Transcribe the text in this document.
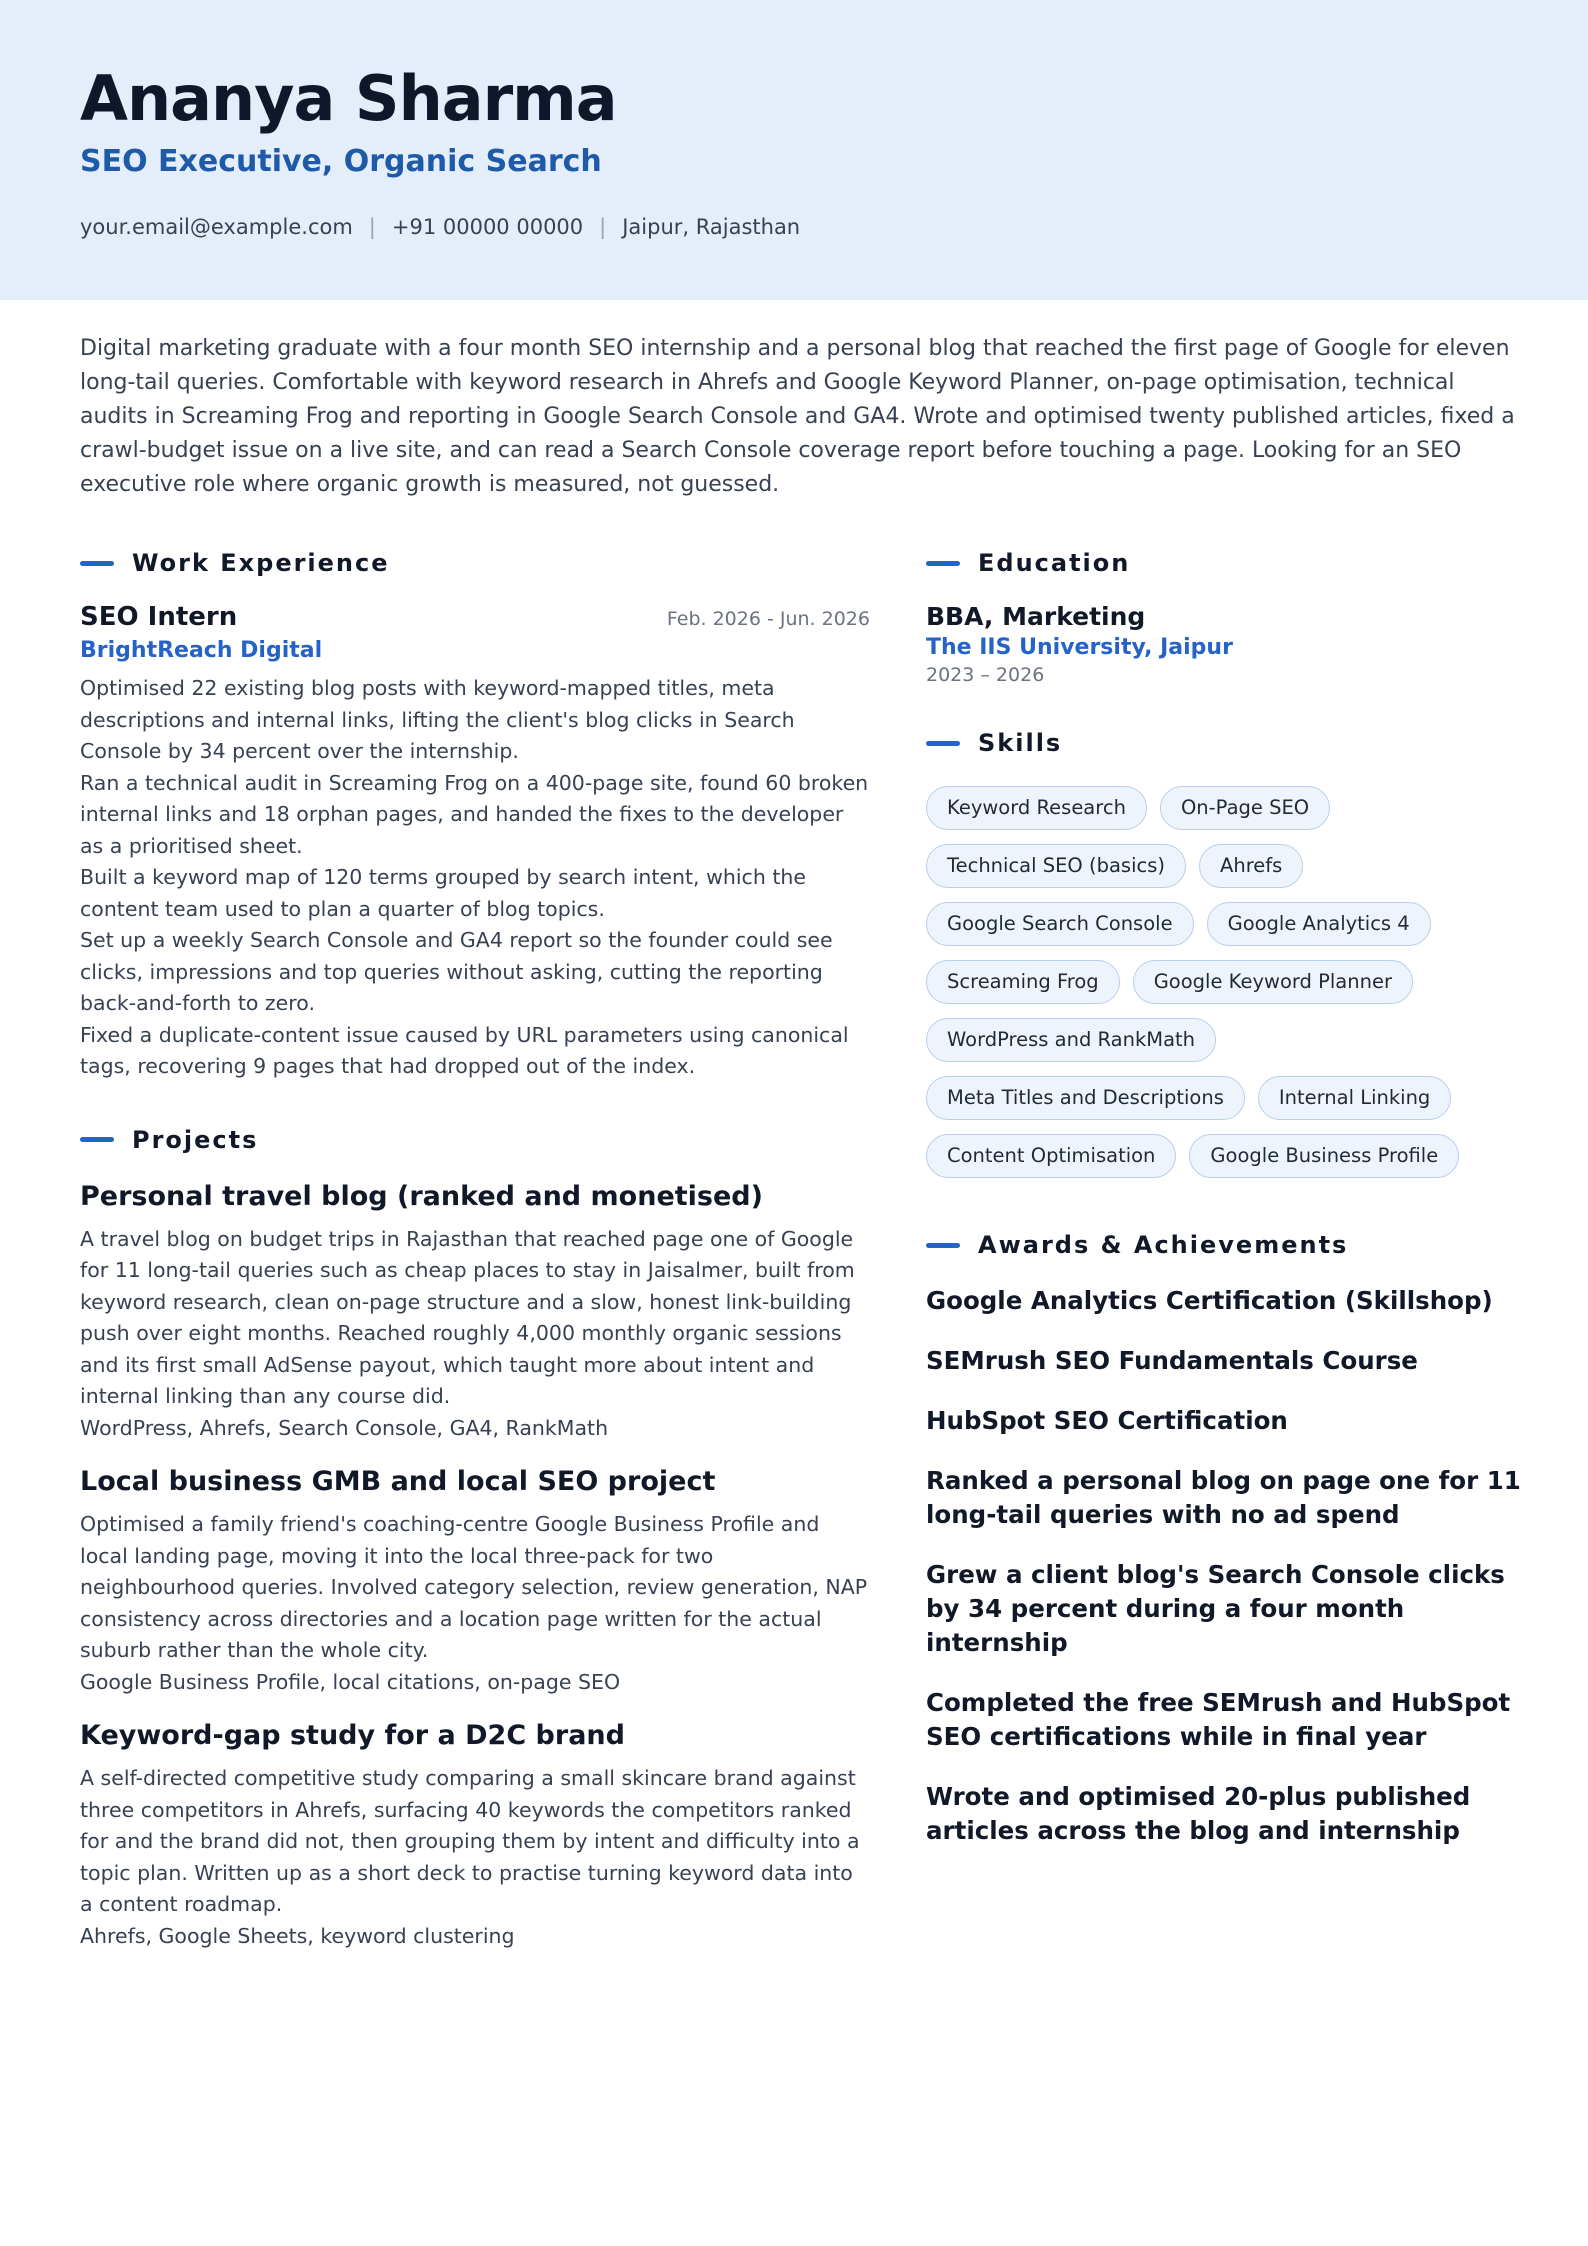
Ananya Sharma
SEO Executive, Organic Search
your.email@example.com | +91 00000 00000 | Jaipur, Rajasthan

Digital marketing graduate with a four month SEO internship and a personal blog that reached the first page of Google for eleven long-tail queries. Comfortable with keyword research in Ahrefs and Google Keyword Planner, on-page optimisation, technical audits in Screaming Frog and reporting in Google Search Console and GA4. Wrote and optimised twenty published articles, fixed a crawl-budget issue on a live site, and can read a Search Console coverage report before touching a page. Looking for an SEO executive role where organic growth is measured, not guessed.

Work Experience
SEO Intern	Feb. 2026 - Jun. 2026
BrightReach Digital

Optimised 22 existing blog posts with keyword-mapped titles, meta descriptions and internal links, lifting the client's blog clicks in Search Console by 34 percent over the internship.

Ran a technical audit in Screaming Frog on a 400-page site, found 60 broken internal links and 18 orphan pages, and handed the fixes to the developer as a prioritised sheet.

Built a keyword map of 120 terms grouped by search intent, which the content team used to plan a quarter of blog topics.

Set up a weekly Search Console and GA4 report so the founder could see clicks, impressions and top queries without asking, cutting the reporting back-and-forth to zero.

Fixed a duplicate-content issue caused by URL parameters using canonical tags, recovering 9 pages that had dropped out of the index.

Projects
Personal travel blog (ranked and monetised)

A travel blog on budget trips in Rajasthan that reached page one of Google for 11 long-tail queries such as cheap places to stay in Jaisalmer, built from keyword research, clean on-page structure and a slow, honest link-building push over eight months. Reached roughly 4,000 monthly organic sessions and its first small AdSense payout, which taught more about intent and internal linking than any course did.

WordPress, Ahrefs, Search Console, GA4, RankMath

Local business GMB and local SEO project

Optimised a family friend's coaching-centre Google Business Profile and local landing page, moving it into the local three-pack for two neighbourhood queries. Involved category selection, review generation, NAP consistency across directories and a location page written for the actual suburb rather than the whole city.

Google Business Profile, local citations, on-page SEO

Keyword-gap study for a D2C brand

A self-directed competitive study comparing a small skincare brand against three competitors in Ahrefs, surfacing 40 keywords the competitors ranked for and the brand did not, then grouping them by intent and difficulty into a topic plan. Written up as a short deck to practise turning keyword data into a content roadmap.

Ahrefs, Google Sheets, keyword clustering

Education
BBA, Marketing
The IIS University, Jaipur
2023 – 2026
Skills
Keyword Research	On-Page SEO
Technical SEO (basics)	Ahrefs
Google Search Console	Google Analytics 4
Screaming Frog	Google Keyword Planner
WordPress and RankMath
Meta Titles and Descriptions	Internal Linking
Content Optimisation	Google Business Profile
Awards & Achievements
Google Analytics Certification (Skillshop)
SEMrush SEO Fundamentals Course
HubSpot SEO Certification
Ranked a personal blog on page one for 11 long-tail queries with no ad spend
Grew a client blog's Search Console clicks by 34 percent during a four month internship
Completed the free SEMrush and HubSpot SEO certifications while in final year
Wrote and optimised 20-plus published articles across the blog and internship
